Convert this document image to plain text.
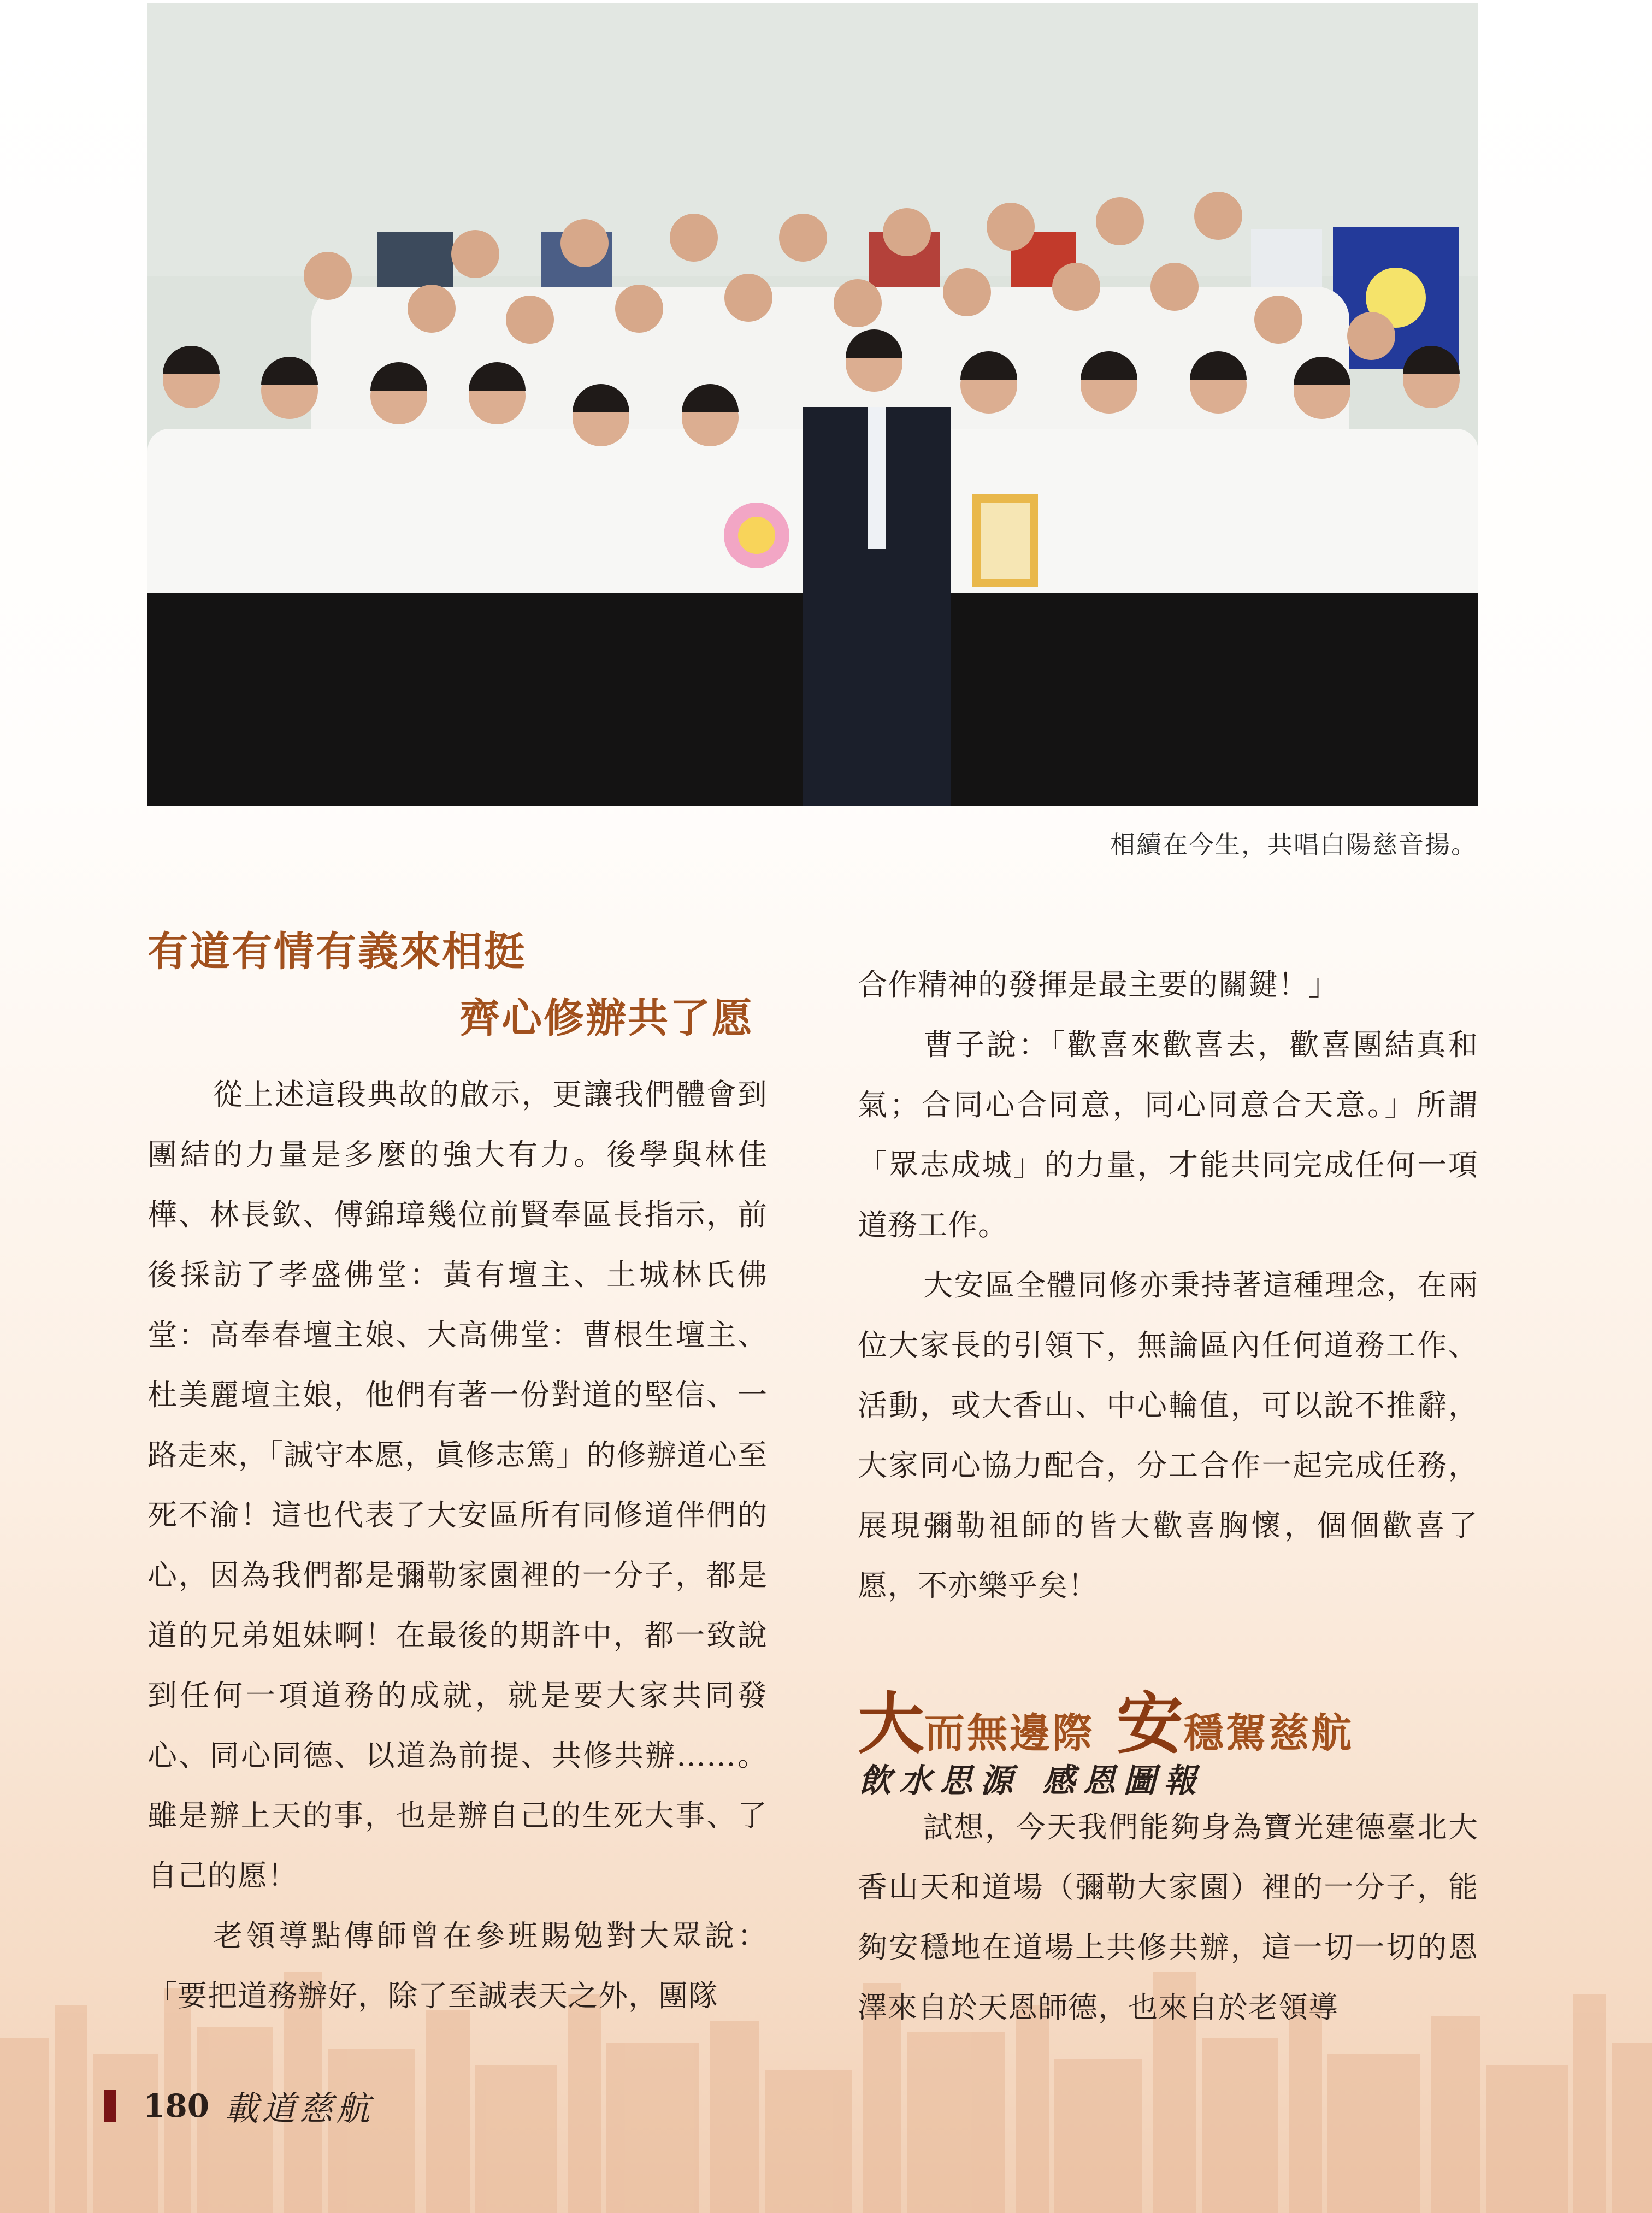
相續在今生，共唱白陽慈音揚。
有道有情有義來相挺
齊心修辦共了愿

從上述這段典故的啟示，更讓我們體會到團結的力量是多麼的強大有力。後學與林佳樺、林長欽、傅錦璋幾位前賢奉區長指示，前後採訪了孝盛佛堂：黃有壇主、土城林氏佛堂：高奉春壇主娘、大高佛堂：曹根生壇主、杜美麗壇主娘，他們有著一份對道的堅信、一路走來，「誠守本愿，眞修志篤」的修辦道心至死不渝！這也代表了大安區所有同修道伴們的心，因為我們都是彌勒家園裡的一分子，都是道的兄弟姐妹啊！在最後的期許中，都一致說到任何一項道務的成就，就是要大家共同發心、同心同德、以道為前提、共修共辦……。雖是辦上天的事，也是辦自己的生死大事、了自己的愿！

老領導點傳師曾在參班賜勉對大眾說：「要把道務辦好，除了至誠表天之外，團隊

合作精神的發揮是最主要的關鍵！」

曹子說：「歡喜來歡喜去，歡喜團結真和氣；合同心合同意，同心同意合天意。」所謂「眾志成城」的力量，才能共同完成任何一項道務工作。

大安區全體同修亦秉持著這種理念，在兩位大家長的引領下，無論區內任何道務工作、活動，或大香山、中心輪值，可以說不推辭，大家同心協力配合，分工合作一起完成任務，展現彌勒祖師的皆大歡喜胸懷，個個歡喜了愿，不亦樂乎矣！

大而無邊際 安穩駕慈航
飲水思源 感恩圖報

試想，今天我們能夠身為寶光建德臺北大香山天和道場（彌勒大家園）裡的一分子，能夠安穩地在道場上共修共辦，這一切一切的恩澤來自於天恩師德，也來自於老領導

180 載道慈航
